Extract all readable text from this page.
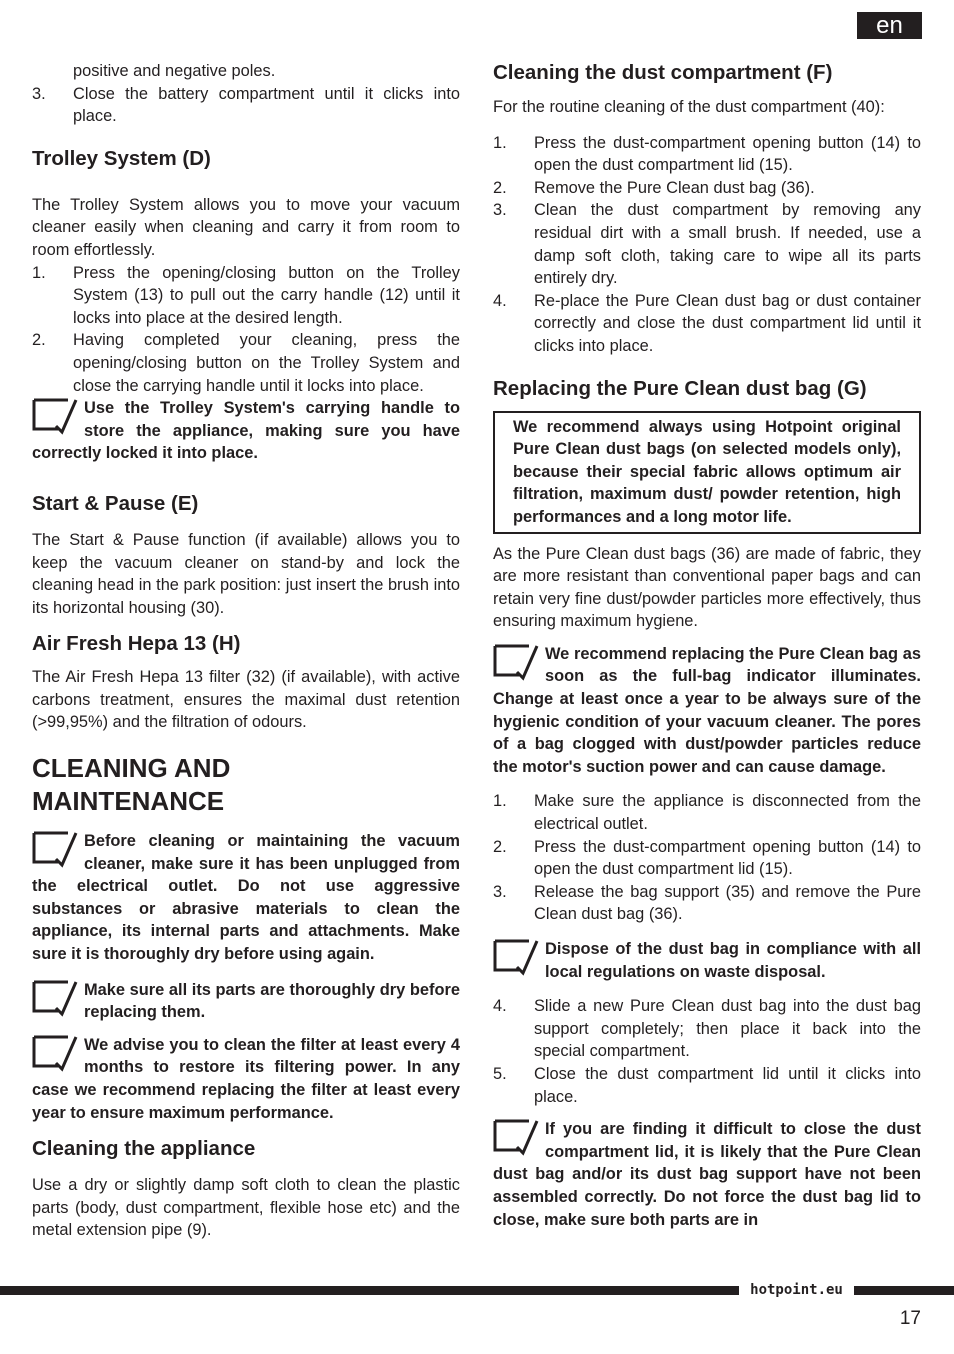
en

positive and negative poles.

3.	Close the battery compartment until it clicks into place.
Trolley System (D)

The Trolley System allows you to move your vacuum cleaner easily when cleaning and carry it from room to room effortlessly.

1.	Press the opening/closing button on the Trolley System (13) to pull out the carry handle (12) until it locks into place at the desired length.
2.	Having completed your cleaning, press the opening/closing button on the Trolley System and close the carrying handle until it locks into place.
Use the Trolley System's carrying handle to store the appliance, making sure you have correctly locked it into place.
Start & Pause (E)

The Start & Pause function (if available) allows you to keep the vacuum cleaner on stand-by and lock the cleaning head in the park position: just insert the brush into its horizontal housing (30).

Air Fresh Hepa 13 (H)

The Air Fresh Hepa 13 filter (32) (if available), with active carbons treatment, ensures the maximal dust retention (>99,95%) and the filtration of odours.

CLEANING AND
MAINTENANCE
Before cleaning or maintaining the vacuum cleaner, make sure it has been unplugged from the electrical outlet. Do not use aggressive substances or abrasive materials to clean the appliance, its internal parts and attachments. Make sure it is thoroughly dry before using again.
Make sure all its parts are thoroughly dry before replacing them.
We advise you to clean the filter at least every 4 months to restore its filtering power. In any case we recommend replacing the filter at least every year to ensure maximum performance.
Cleaning the appliance

Use a dry or slightly damp soft cloth to clean the plastic parts (body, dust compartment, flexible hose etc) and the metal extension pipe (9).

Cleaning the dust compartment (F)

For the routine cleaning of the dust compartment (40):

1.	Press the dust-compartment opening button (14) to open the dust compartment lid (15).
2.	Remove the Pure Clean dust bag (36).
3.	Clean the dust compartment by removing any residual dirt with a small brush. If needed, use a damp soft cloth, taking care to wipe all its parts entirely dry.
4.	Re-place the Pure Clean dust bag or dust container correctly and close the dust compartment lid until it clicks into place.
Replacing the Pure Clean dust bag (G)
We recommend always using Hotpoint original Pure Clean dust bags (on selected models only), because their special fabric allows optimum air filtration, maximum dust/ powder retention, high performances and a long motor life.

As the Pure Clean dust bags (36) are made of fabric, they are more resistant than conventional paper bags and can retain very fine dust/powder particles more effectively, thus ensuring maximum hygiene.

We recommend replacing the Pure Clean bag as soon as the full-bag indicator illuminates. Change at least once a year to be always sure of the hygienic condition of your vacuum cleaner. The pores of a bag clogged with dust/powder particles reduce the motor's suction power and can cause damage.
1.	Make sure the appliance is disconnected from the electrical outlet.
2.	Press the dust-compartment opening button (14) to open the dust compartment lid (15).
3.	Release the bag support (35) and remove the Pure Clean dust bag (36).
Dispose of the dust bag in compliance with all local regulations on waste disposal.
4.	Slide a new Pure Clean dust bag into the dust bag support completely; then place it back into the special compartment.
5.	Close the dust compartment lid until it clicks into place.
If you are finding it difficult to close the dust compartment lid, it is likely that the Pure Clean dust bag and/or its dust bag support have not been assembled correctly. Do not force the dust bag lid to close, make sure both parts are in
hotpoint.eu
17
